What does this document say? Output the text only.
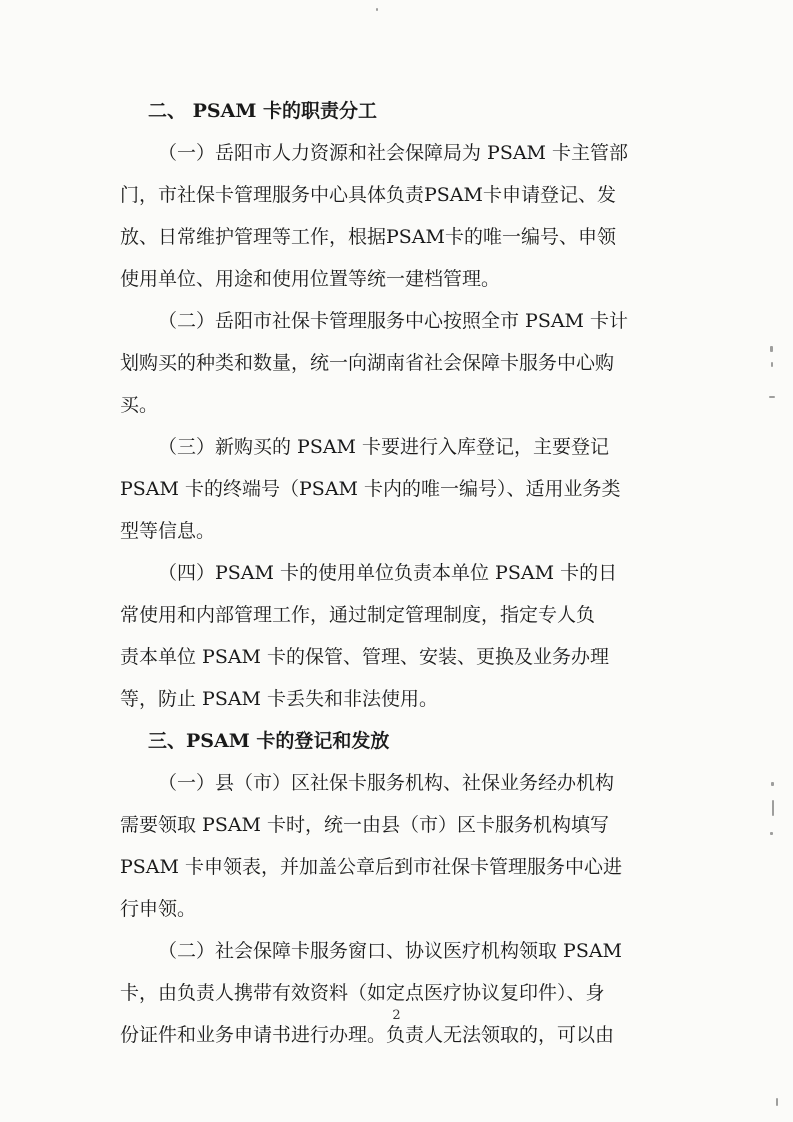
二、 PSAM 卡的职责分工
（一）岳阳市人力资源和社会保障局为 PSAM 卡主管部
门，市社保卡管理服务中心具体负责PSAM卡申请登记、发
放、日常维护管理等工作，根据PSAM卡的唯一编号、申领
使用单位、用途和使用位置等统一建档管理。
（二）岳阳市社保卡管理服务中心按照全市 PSAM 卡计
划购买的种类和数量，统一向湖南省社会保障卡服务中心购
买。
（三）新购买的 PSAM 卡要进行入库登记，主要登记
PSAM 卡的终端号（PSAM 卡内的唯一编号）、适用业务类
型等信息。
（四）PSAM 卡的使用单位负责本单位 PSAM 卡的日
常使用和内部管理工作，通过制定管理制度，指定专人负
责本单位 PSAM 卡的保管、管理、安装、更换及业务办理
等，防止 PSAM 卡丢失和非法使用。
三、PSAM 卡的登记和发放
（一）县（市）区社保卡服务机构、社保业务经办机构
需要领取 PSAM 卡时，统一由县（市）区卡服务机构填写
PSAM 卡申领表，并加盖公章后到市社保卡管理服务中心进
行申领。
（二）社会保障卡服务窗口、协议医疗机构领取 PSAM
卡，由负责人携带有效资料（如定点医疗协议复印件）、身
份证件和业务申请书进行办理。负责人无法领取的，可以由
2
